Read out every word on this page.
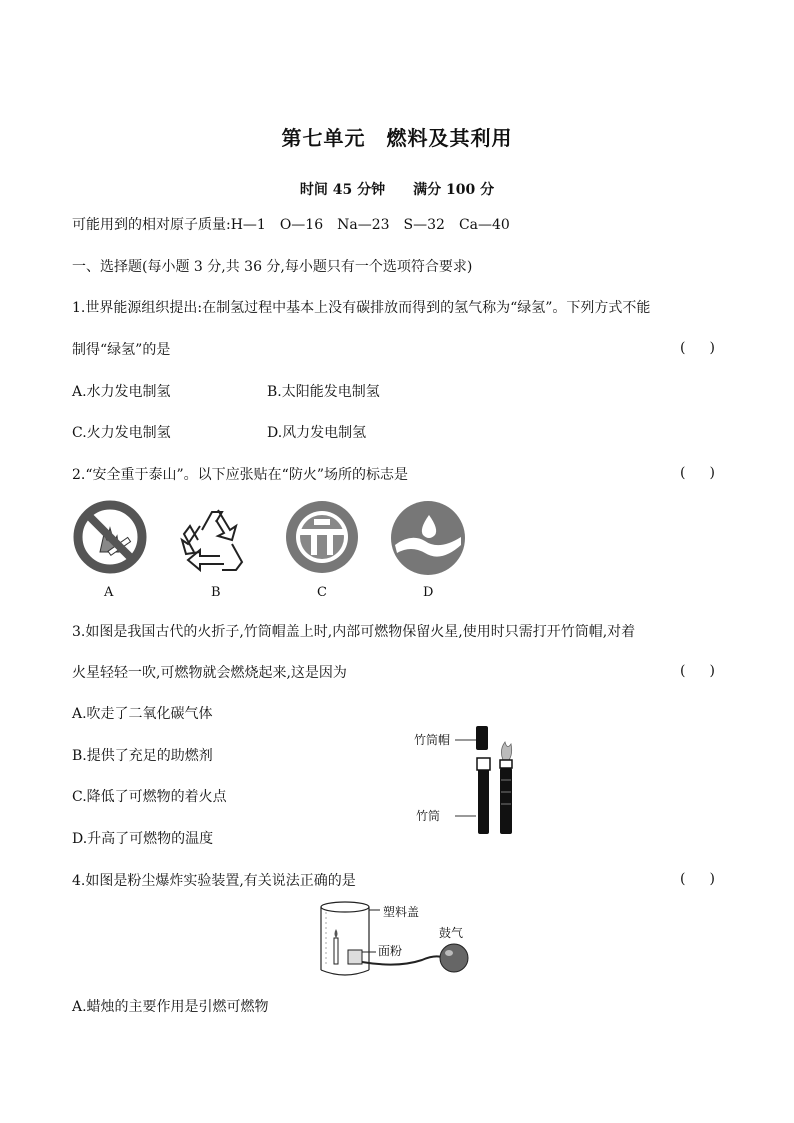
第七单元　燃料及其利用
时间 45 分钟　　满分 100 分
可能用到的相对原子质量:H—1　O—16　Na—23　S—32　Ca—40
一、选择题(每小题 3 分,共 36 分,每小题只有一个选项符合要求)
1.世界能源组织提出:在制氢过程中基本上没有碳排放而得到的氢气称为“绿氢”。下列方式不能
制得“绿氢”的是	( )
A.水力发电制氢	B.太阳能发电制氢
C.火力发电制氢	D.风力发电制氢
2.“安全重于泰山”。以下应张贴在“防火”场所的标志是	( )
A	B	C	D
3.如图是我国古代的火折子,竹筒帽盖上时,内部可燃物保留火星,使用时只需打开竹筒帽,对着
火星轻轻一吹,可燃物就会燃烧起来,这是因为	( )
A.吹走了二氧化碳气体
B.提供了充足的助燃剂
C.降低了可燃物的着火点
D.升高了可燃物的温度
竹筒帽
竹筒
4.如图是粉尘爆炸实验装置,有关说法正确的是	( )
塑料盖
面粉
鼓气
A.蜡烛的主要作用是引燃可燃物
